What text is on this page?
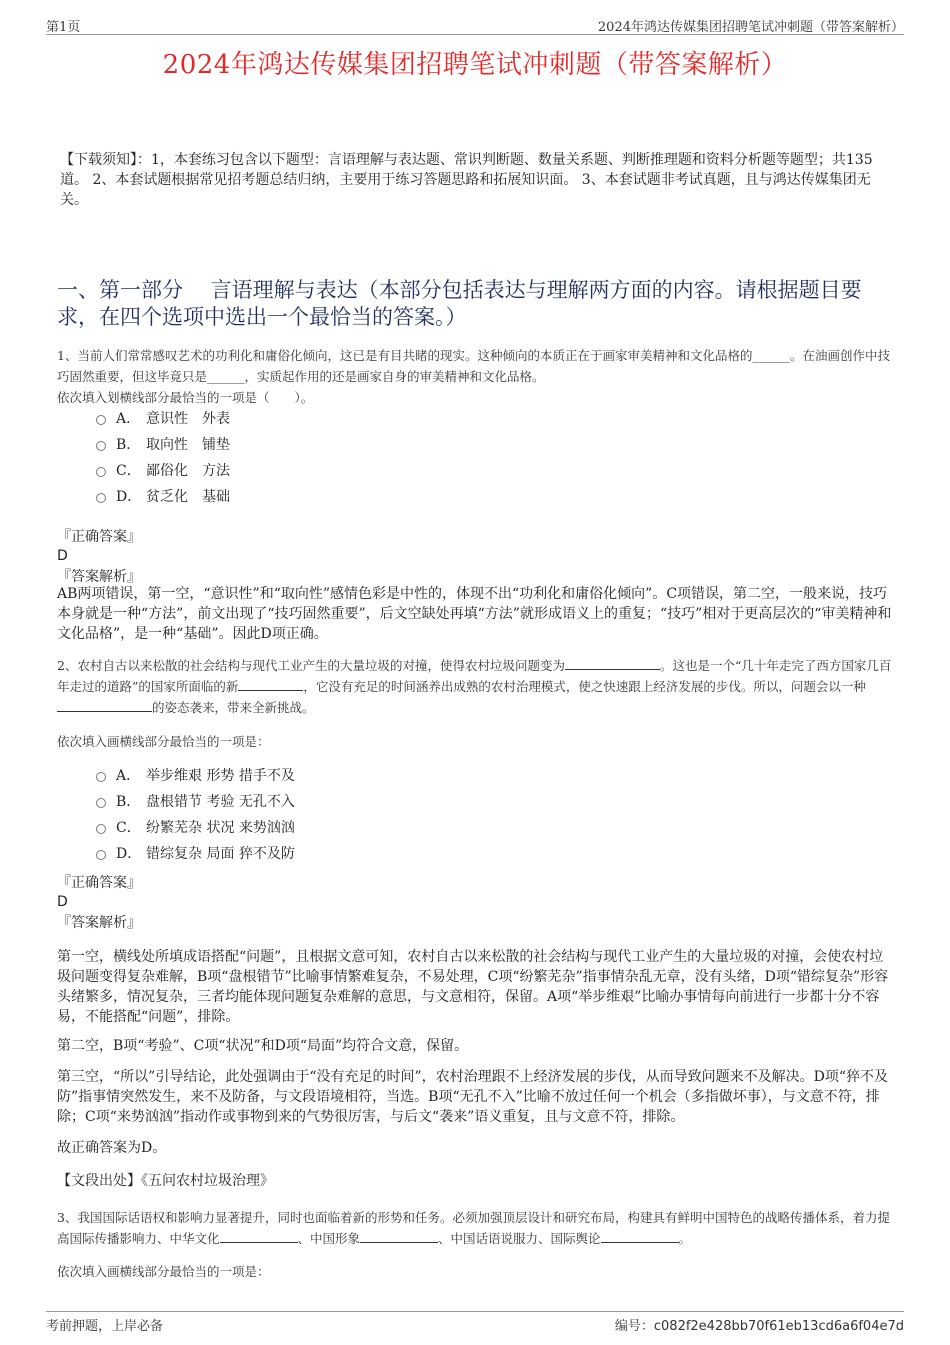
第1页	2024年鸿达传媒集团招聘笔试冲刺题（带答案解析）
2024年鸿达传媒集团招聘笔试冲刺题（带答案解析）

【下载须知】：1，本套练习包含以下题型：言语理解与表达题、常识判断题、数量关系题、判断推理题和资料分析题等题型；共135道。 2、本套试题根据常见招考题总结归纳，主要用于练习答题思路和拓展知识面。 3、本套试题非考试真题，且与鸿达传媒集团无关。

一、第一部分　 言语理解与表达（本部分包括表达与理解两方面的内容。请根据题目要求，在四个选项中选出一个最恰当的答案。）

1、当前人们常常感叹艺术的功利化和庸俗化倾向，这已是有目共睹的现实。这种倾向的本质正在于画家审美精神和文化品格的______。在油画创作中技巧固然重要，但这毕竟只是______，实质起作用的还是画家自身的审美精神和文化品格。

依次填入划横线部分最恰当的一项是（　　）。

A． 意识性　外表
B． 取向性　铺垫
C． 鄙俗化　方法
D． 贫乏化　基础

『正确答案』

D

『答案解析』

AB两项错误，第一空，“意识性”和“取向性”感情色彩是中性的，体现不出“功利化和庸俗化倾向”。C项错误，第二空，一般来说，技巧本身就是一种“方法”，前文出现了“技巧固然重要”，后文空缺处再填“方法”就形成语义上的重复；“技巧”相对于更高层次的“审美精神和文化品格”，是一种“基础”。因此D项正确。

2、农村自古以来松散的社会结构与现代工业产生的大量垃圾的对撞，使得农村垃圾问题变为	。这也是一个“几十年走完了西方国家几百年走过的道路”的国家所面临的新	，它没有充足的时间涵养出成熟的农村治理模式，使之快速跟上经济发展的步伐。所以，问题会以一种的姿态袭来，带来全新挑战。

依次填入画横线部分最恰当的一项是：

A． 举步维艰 形势 措手不及
B． 盘根错节 考验 无孔不入
C． 纷繁芜杂 状况 来势汹汹
D． 错综复杂 局面 猝不及防

『正确答案』

D

『答案解析』

第一空，横线处所填成语搭配“问题”，且根据文意可知，农村自古以来松散的社会结构与现代工业产生的大量垃圾的对撞，会使农村垃圾问题变得复杂难解，B项“盘根错节”比喻事情繁难复杂，不易处理，C项“纷繁芜杂”指事情杂乱无章，没有头绪，D项“错综复杂”形容头绪繁多，情况复杂，三者均能体现问题复杂难解的意思，与文意相符，保留。A项“举步维艰”比喻办事情每向前进行一步都十分不容易，不能搭配“问题”，排除。

第二空，B项“考验”、C项“状况”和D项“局面”均符合文意，保留。

第三空，“所以”引导结论，此处强调由于“没有充足的时间”，农村治理跟不上经济发展的步伐，从而导致问题来不及解决。D项“猝不及防”指事情突然发生，来不及防备，与文段语境相符，当选。B项“无孔不入”比喻不放过任何一个机会（多指做坏事），与文意不符，排除；C项“来势汹汹”指动作或事物到来的气势很厉害，与后文“袭来”语义重复，且与文意不符，排除。

故正确答案为D。

【文段出处】《五问农村垃圾治理》

3、我国国际话语权和影响力显著提升，同时也面临着新的形势和任务。必须加强顶层设计和研究布局，构建具有鲜明中国特色的战略传播体系，着力提高国际传播影响力、中华文化	、中国形象	、中国话语说服力、国际舆论	。

依次填入画横线部分最恰当的一项是：

考前押题，上岸必备	编号：c082f2e428bb70f61eb13cd6a6f04e7d
